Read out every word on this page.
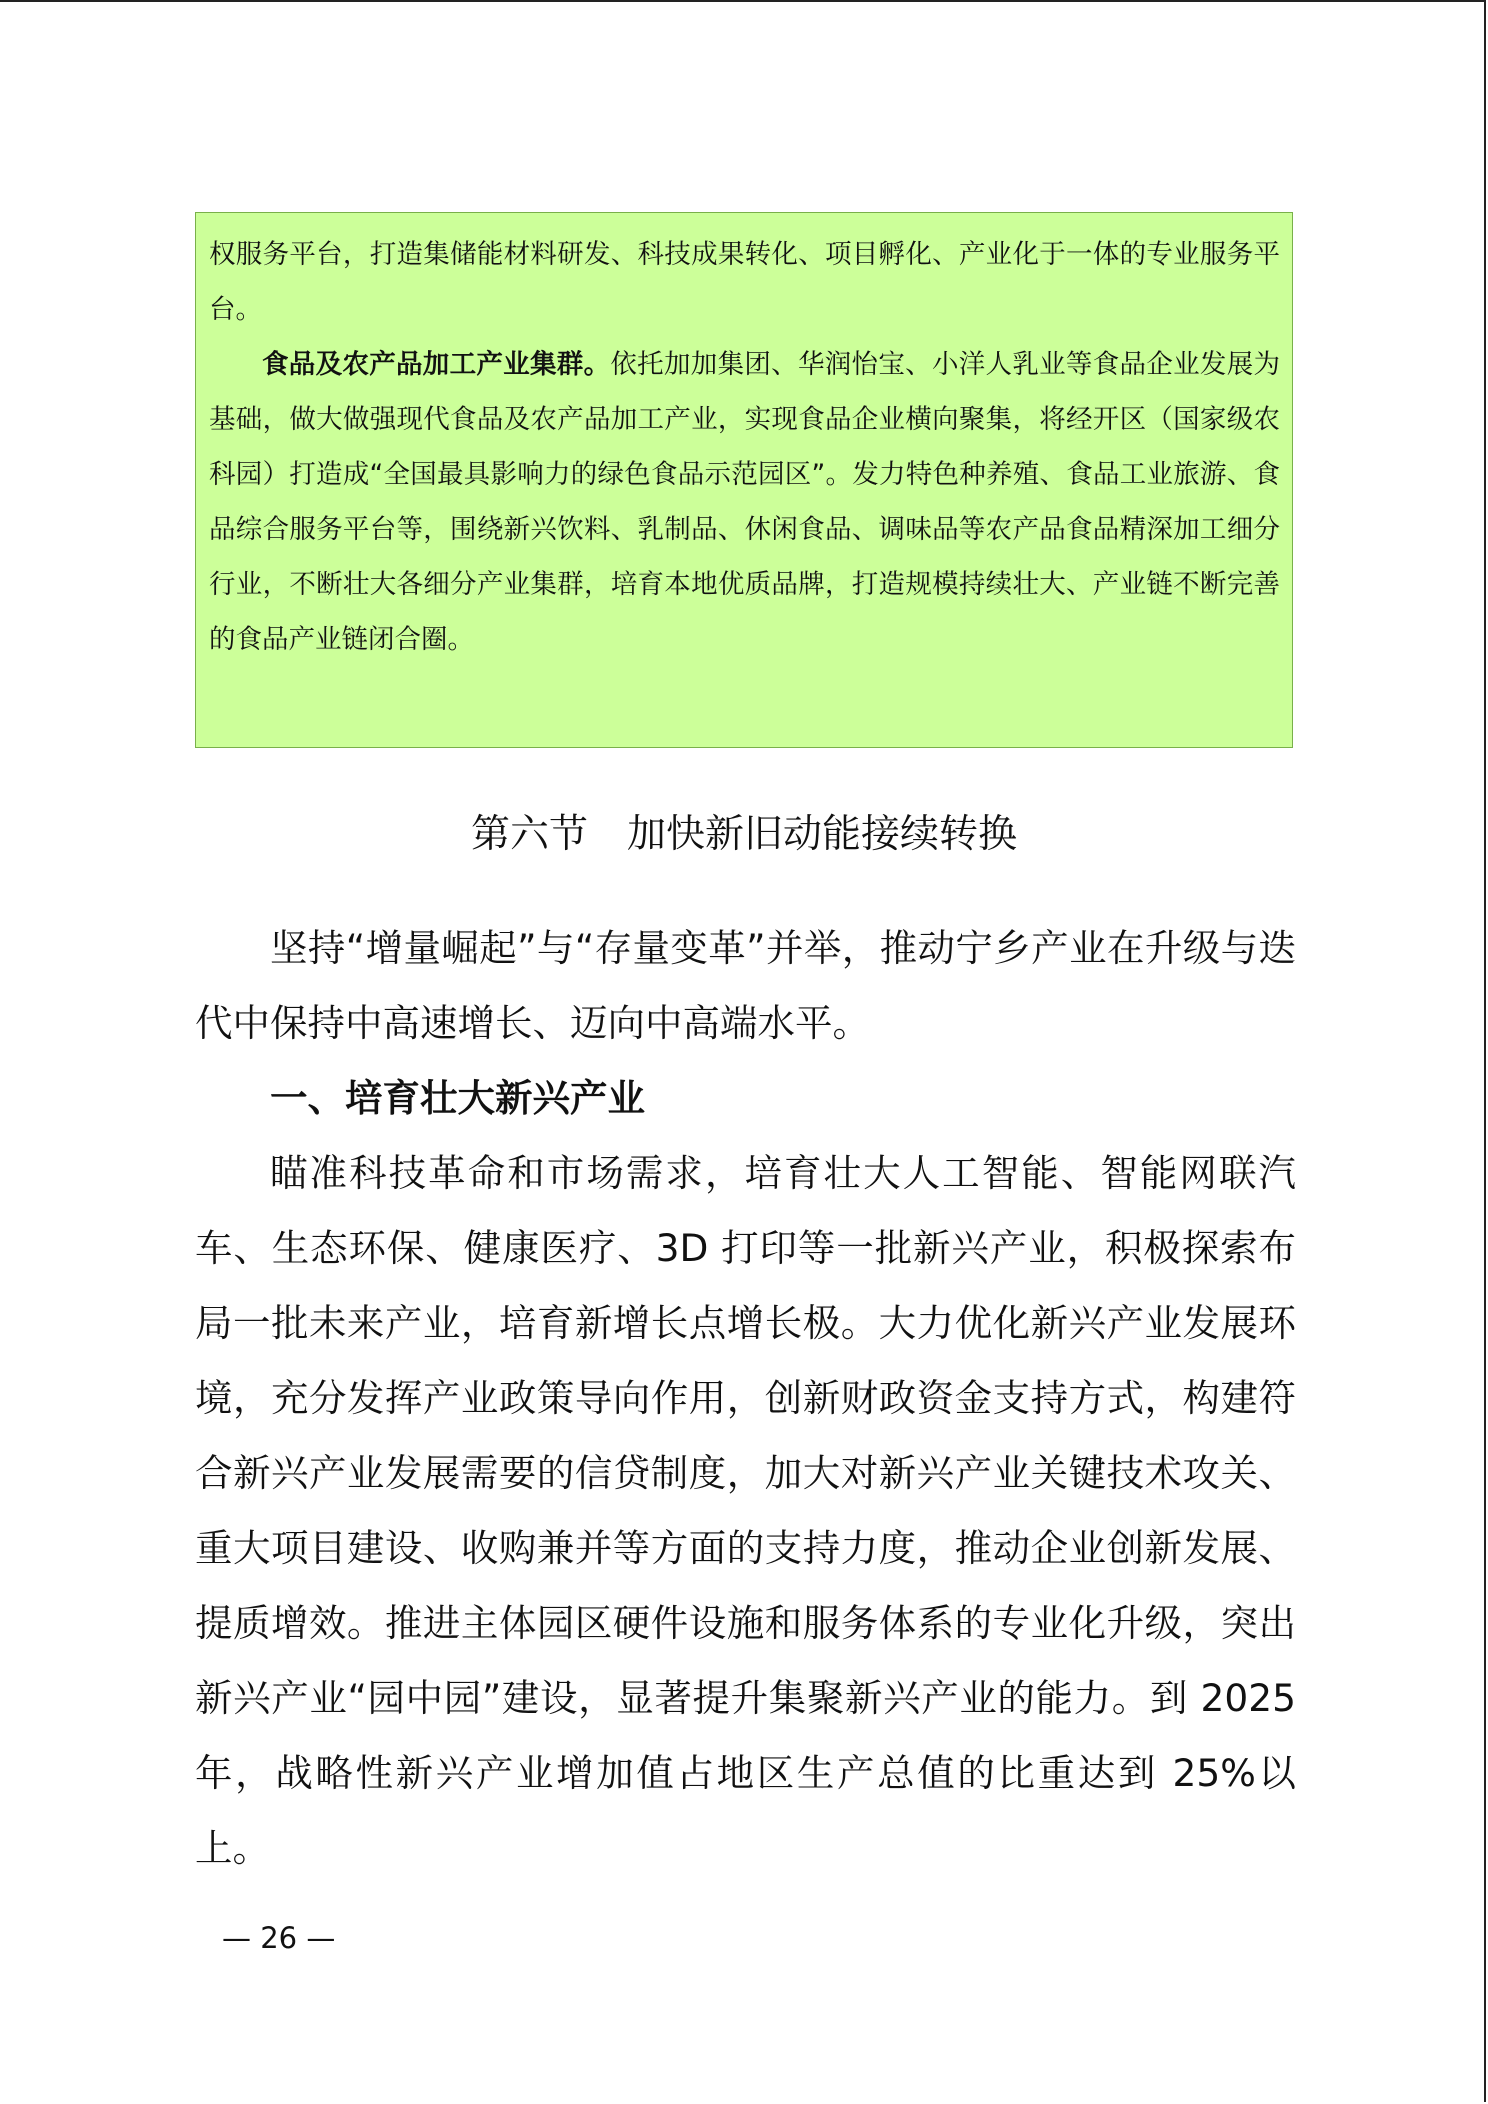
权服务平台，打造集储能材料研发、科技成果转化、项目孵化、产业化于一体的专业服务平台。

食品及农产品加工产业集群。依托加加集团、华润怡宝、小洋人乳业等食品企业发展为基础，做大做强现代食品及农产品加工产业，实现食品企业横向聚集，将经开区（国家级农科园）打造成“全国最具影响力的绿色食品示范园区”。发力特色种养殖、食品工业旅游、食品综合服务平台等，围绕新兴饮料、乳制品、休闲食品、调味品等农产品食品精深加工细分行业，不断壮大各细分产业集群，培育本地优质品牌，打造规模持续壮大、产业链不断完善的食品产业链闭合圈。

第六节　加快新旧动能接续转换

坚持“增量崛起”与“存量变革”并举，推动宁乡产业在升级与迭代中保持中高速增长、迈向中高端水平。

一、培育壮大新兴产业

瞄准科技革命和市场需求，培育壮大人工智能、智能网联汽车、生态环保、健康医疗、3D 打印等一批新兴产业，积极探索布局一批未来产业，培育新增长点增长极。大力优化新兴产业发展环境，充分发挥产业政策导向作用，创新财政资金支持方式，构建符合新兴产业发展需要的信贷制度，加大对新兴产业关键技术攻关、重大项目建设、收购兼并等方面的支持力度，推动企业创新发展、提质增效。推进主体园区硬件设施和服务体系的专业化升级，突出新兴产业“园中园”建设，显著提升集聚新兴产业的能力。到 2025 年，战略性新兴产业增加值占地区生产总值的比重达到 25%以上。

— 26 —
